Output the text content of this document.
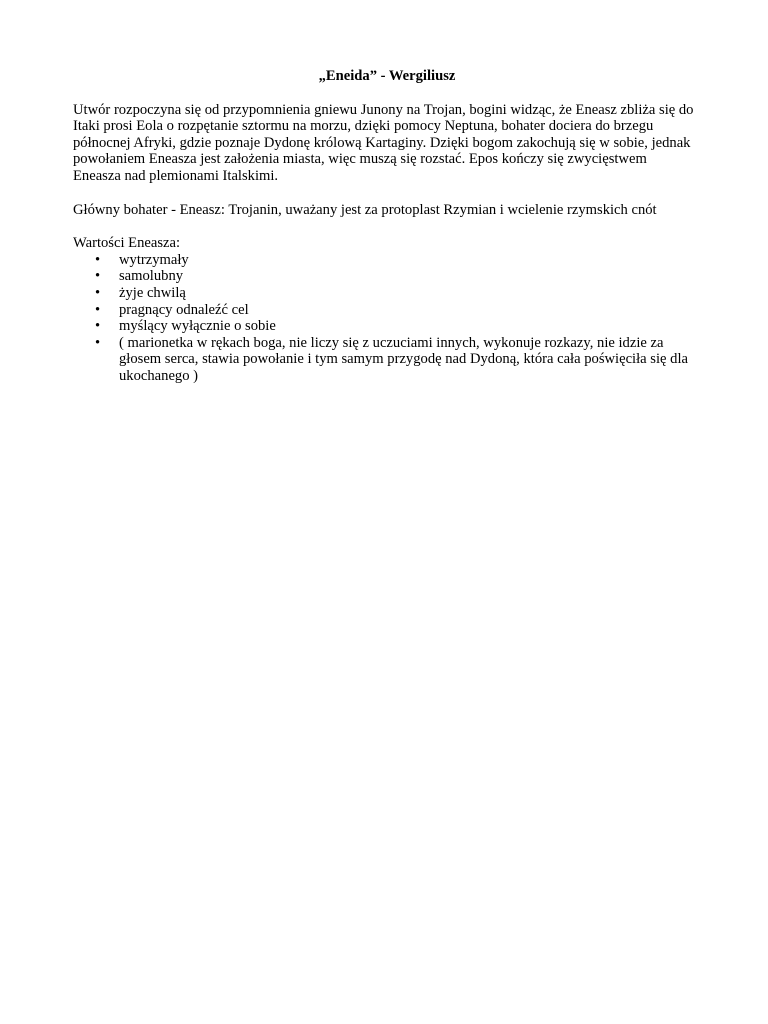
„Eneida” - Wergiliusz
Utwór rozpoczyna się od przypomnienia gniewu Junony na Trojan, bogini widząc, że Eneasz zbliża się do Itaki prosi Eola o rozpętanie sztormu na morzu, dzięki pomocy Neptuna, bohater dociera do brzegu północnej Afryki, gdzie poznaje Dydonę królową Kartaginy. Dzięki bogom zakochują się w sobie, jednak powołaniem Eneasza jest założenia miasta, więc muszą się rozstać. Epos kończy się zwycięstwem Eneasza nad plemionami Italskimi.
Główny bohater - Eneasz: Trojanin, uważany jest za protoplast Rzymian i wcielenie rzymskich cnót
Wartości Eneasza:
• wytrzymały
• samolubny
• żyje chwilą
• pragnący odnaleźć cel
• myślący wyłącznie o sobie
• ( marionetka w rękach boga, nie liczy się z uczuciami innych, wykonuje rozkazy, nie idzie za głosem serca, stawia powołanie i tym samym przygodę nad Dydoną, która cała poświęciła się dla ukochanego )
